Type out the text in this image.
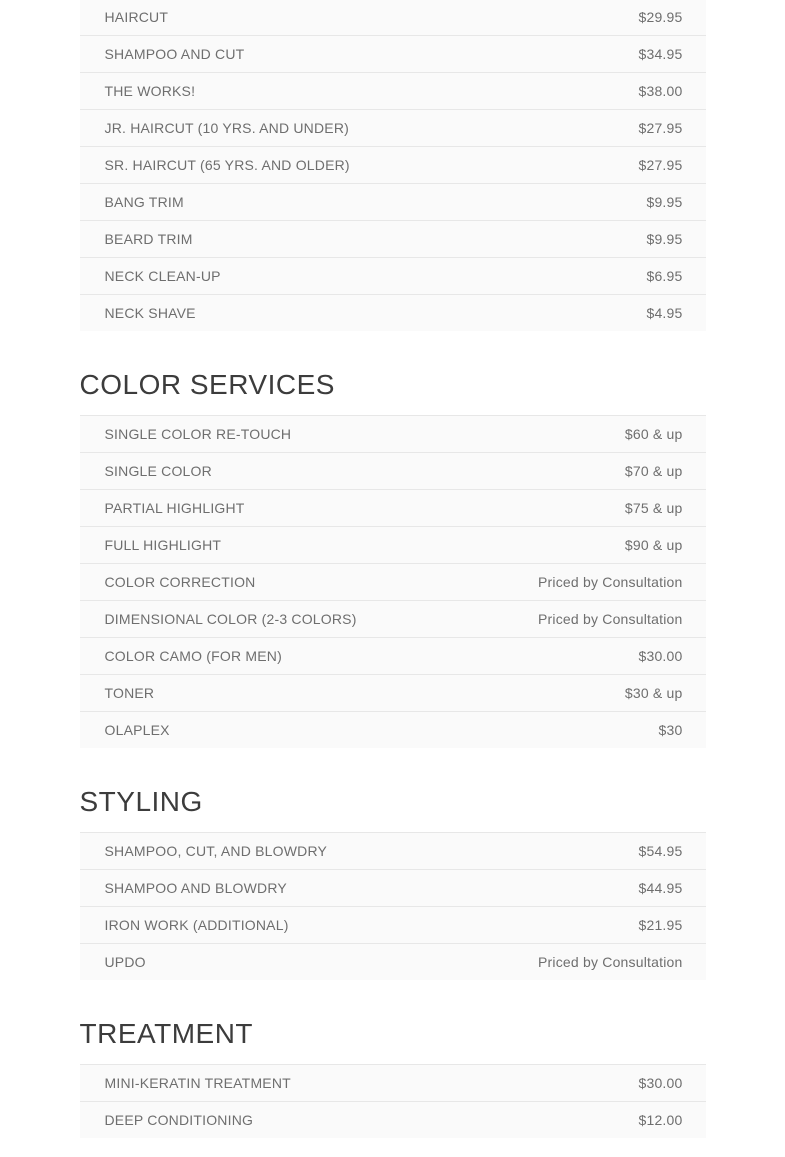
HAIRCUT	$29.95
SHAMPOO AND CUT	$34.95
THE WORKS!	$38.00
JR. HAIRCUT (10 YRS. AND UNDER)	$27.95
SR. HAIRCUT (65 YRS. AND OLDER)	$27.95
BANG TRIM	$9.95
BEARD TRIM	$9.95
NECK CLEAN-UP	$6.95
NECK SHAVE	$4.95
COLOR SERVICES
SINGLE COLOR RE-TOUCH	$60 & up
SINGLE COLOR	$70 & up
PARTIAL HIGHLIGHT	$75 & up
FULL HIGHLIGHT	$90 & up
COLOR CORRECTION	Priced by Consultation
DIMENSIONAL COLOR (2-3 COLORS)	Priced by Consultation
COLOR CAMO (FOR MEN)	$30.00
TONER	$30 & up
OLAPLEX	$30
STYLING
SHAMPOO, CUT, AND BLOWDRY	$54.95
SHAMPOO AND BLOWDRY	$44.95
IRON WORK (ADDITIONAL)	$21.95
UPDO	Priced by Consultation
TREATMENT
MINI-KERATIN TREATMENT	$30.00
DEEP CONDITIONING	$12.00
